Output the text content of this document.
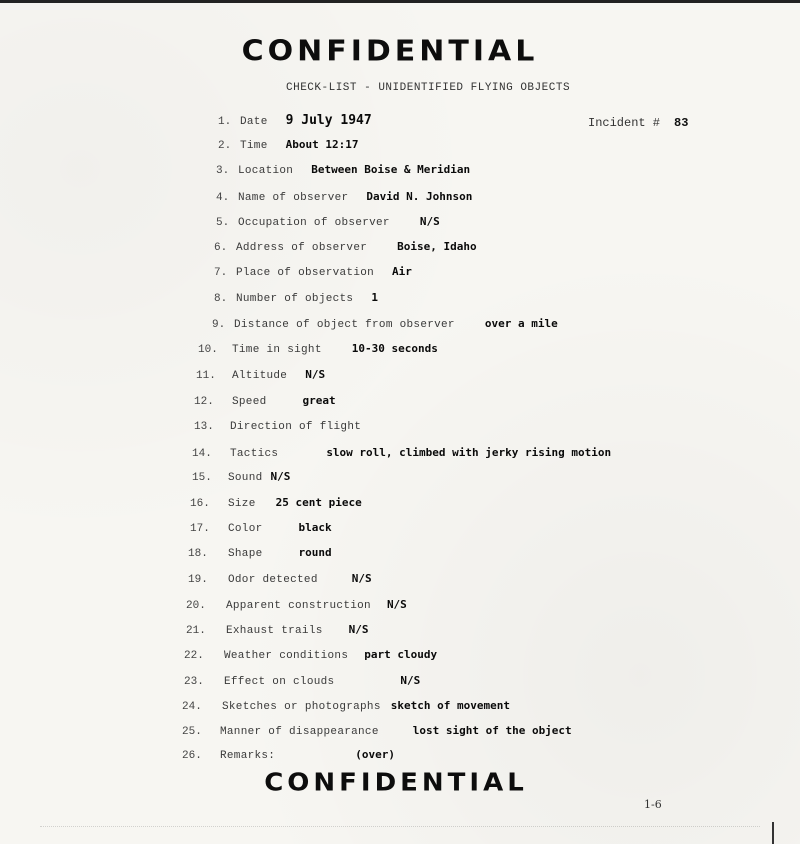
CONFIDENTIAL
CHECK-LIST - UNIDENTIFIED FLYING OBJECTS
Incident # 83
1. Date 9 July 1947
2. Time About 12:17
3. Location Between Boise & Meridian
4. Name of observer David N. Johnson
5. Occupation of observer	N/S
6. Address of observer	Boise, Idaho
7. Place of observation Air
8. Number of objects 1
9. Distance of object from observer	over a mile
10. Time in sight	10-30 seconds
11. Altitude N/S
12. Speed	great
13. Direction of flight
14. Tactics	slow roll, climbed with jerky rising motion
15. Sound N/S
16. Size 25 cent piece
17. Color	black
18. Shape	round
19. Odor detected	N/S
20. Apparent construction N/S
21. Exhaust trails N/S
22. Weather conditions part cloudy
23. Effect on clouds	N/S
24. Sketches or photographs sketch of movement
25. Manner of disappearance	lost sight of the object
26. Remarks:	(over)
CONFIDENTIAL
1-6
